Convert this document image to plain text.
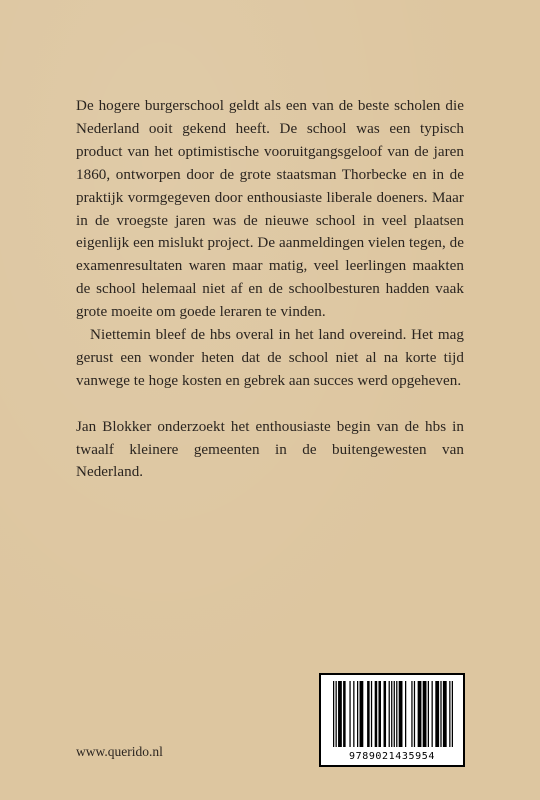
De hogere burgerschool geldt als een van de beste scholen die Nederland ooit gekend heeft. De school was een typisch product van het optimistische vooruitgangsgeloof van de jaren 1860, ontworpen door de grote staatsman Thorbecke en in de praktijk vormgegeven door enthousiaste liberale doeners. Maar in de vroegste jaren was de nieuwe school in veel plaatsen eigenlijk een mislukt project. De aanmeldingen vielen tegen, de examenresultaten waren maar matig, veel leerlingen maakten de school helemaal niet af en de schoolbesturen hadden vaak grote moeite om goede leraren te vinden.

Niettemin bleef de hbs overal in het land overeind. Het mag gerust een wonder heten dat de school niet al na korte tijd vanwege te hoge kosten en gebrek aan succes werd opgeheven.

Jan Blokker onderzoekt het enthousiaste begin van de hbs in twaalf kleinere gemeenten in de buitengewesten van Nederland.

9789021435954
www.querido.nl
